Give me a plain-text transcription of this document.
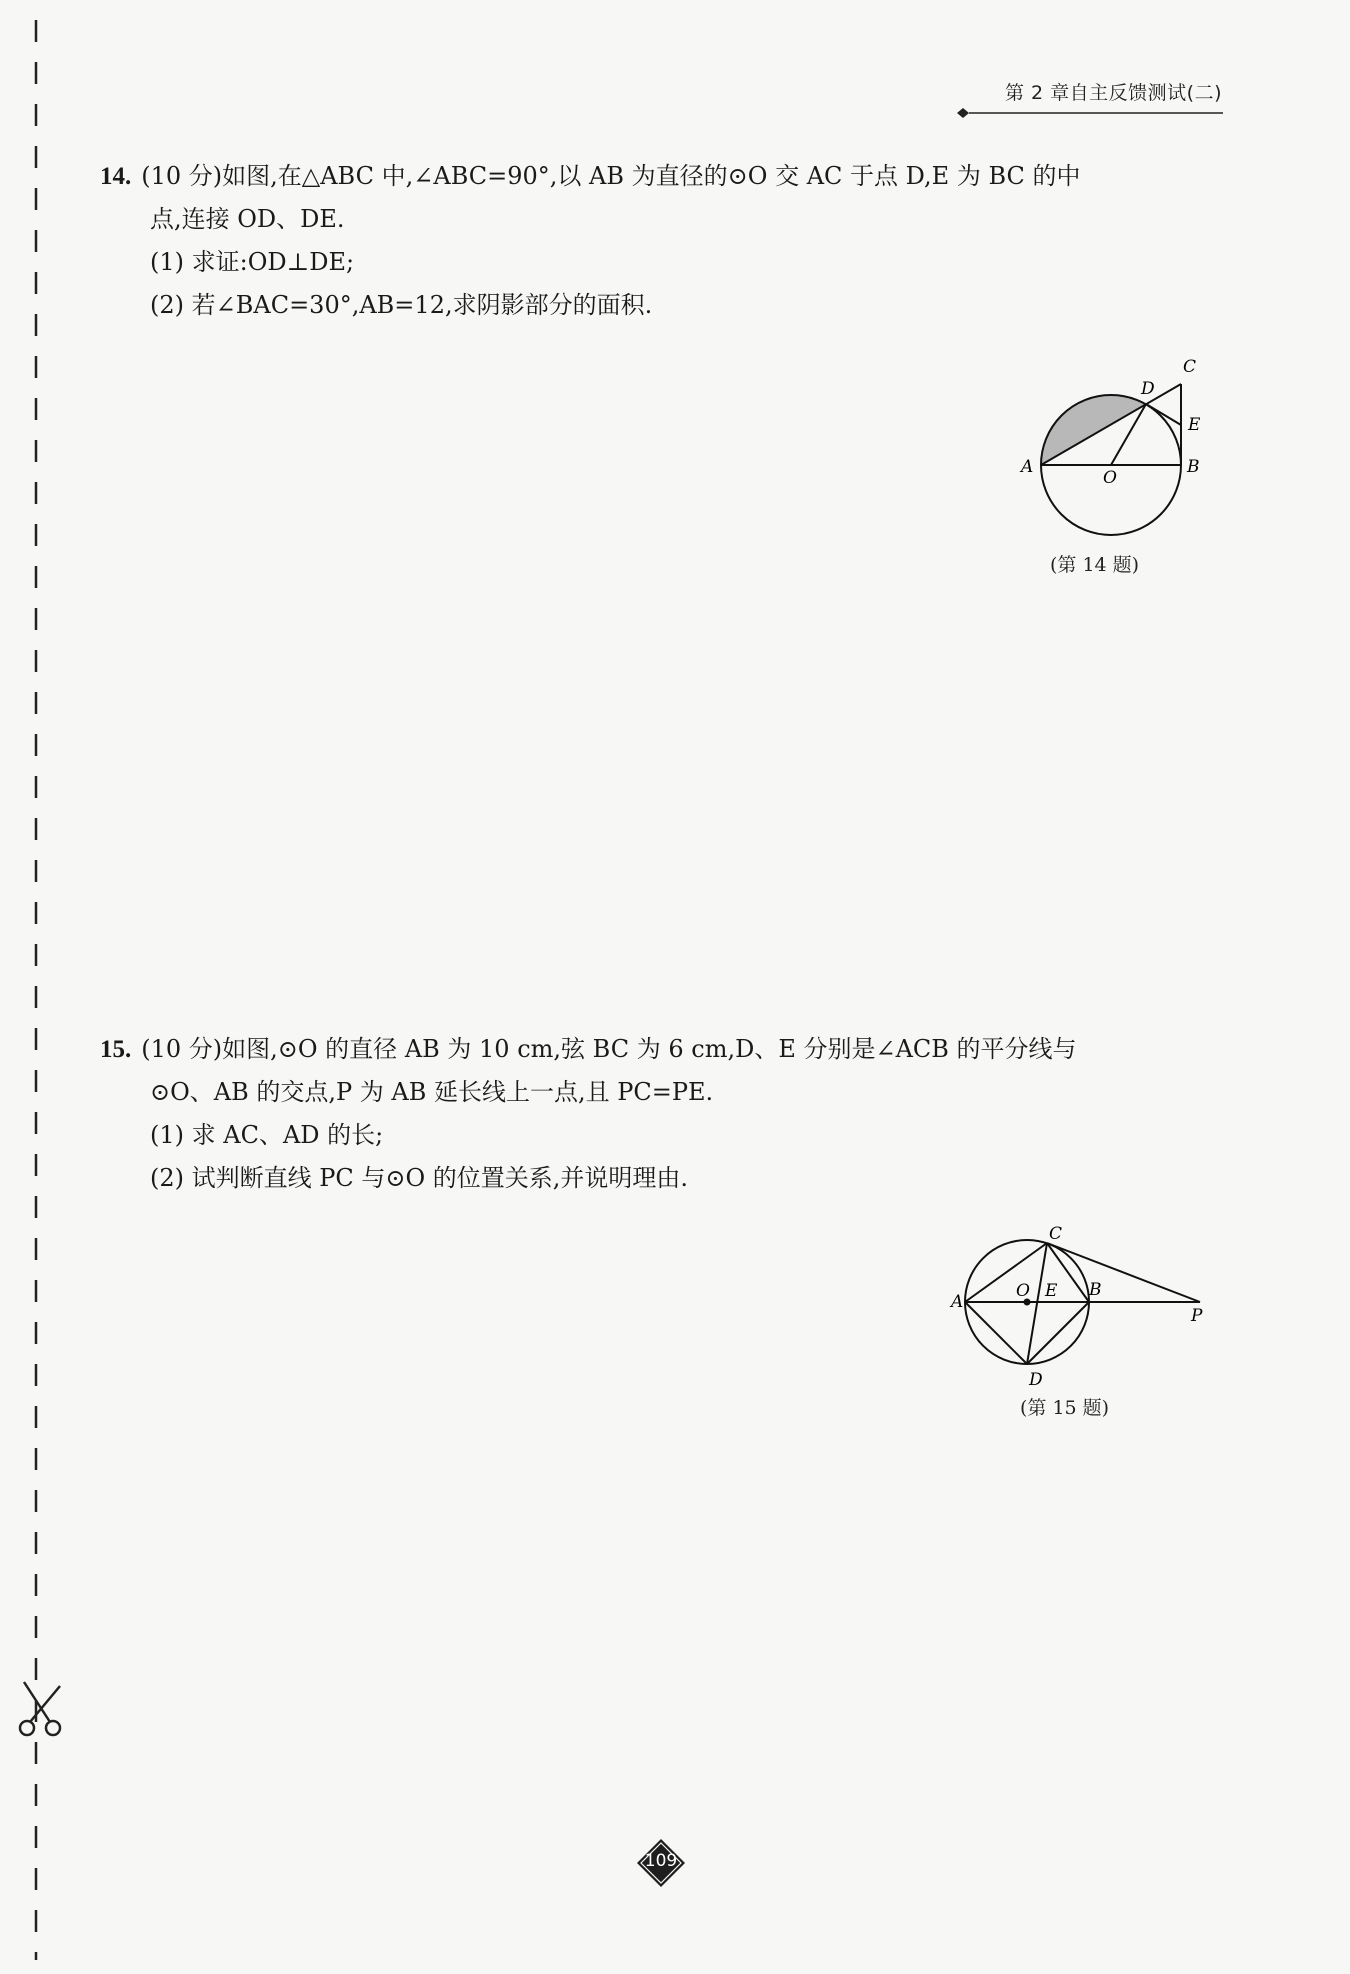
第 2 章自主反馈测试(二)
14. (10 分)如图,在△ABC 中,∠ABC=90°,以 AB 为直径的⊙O 交 AC 于点 D,E 为 BC 的中
点,连接 OD、DE.
(1) 求证:OD⊥DE;
(2) 若∠BAC=30°,AB=12,求阴影部分的面积.
A	B
C
D
E
O
(第 14 题)
15. (10 分)如图,⊙O 的直径 AB 为 10 cm,弦 BC 为 6 cm,D、E 分别是∠ACB 的平分线与
⊙O、AB 的交点,P 为 AB 延长线上一点,且 PC=PE.
(1) 求 AC、AD 的长;
(2) 试判断直线 PC 与⊙O 的位置关系,并说明理由.
A
B
C
D
E
O
P
(第 15 题)
109
